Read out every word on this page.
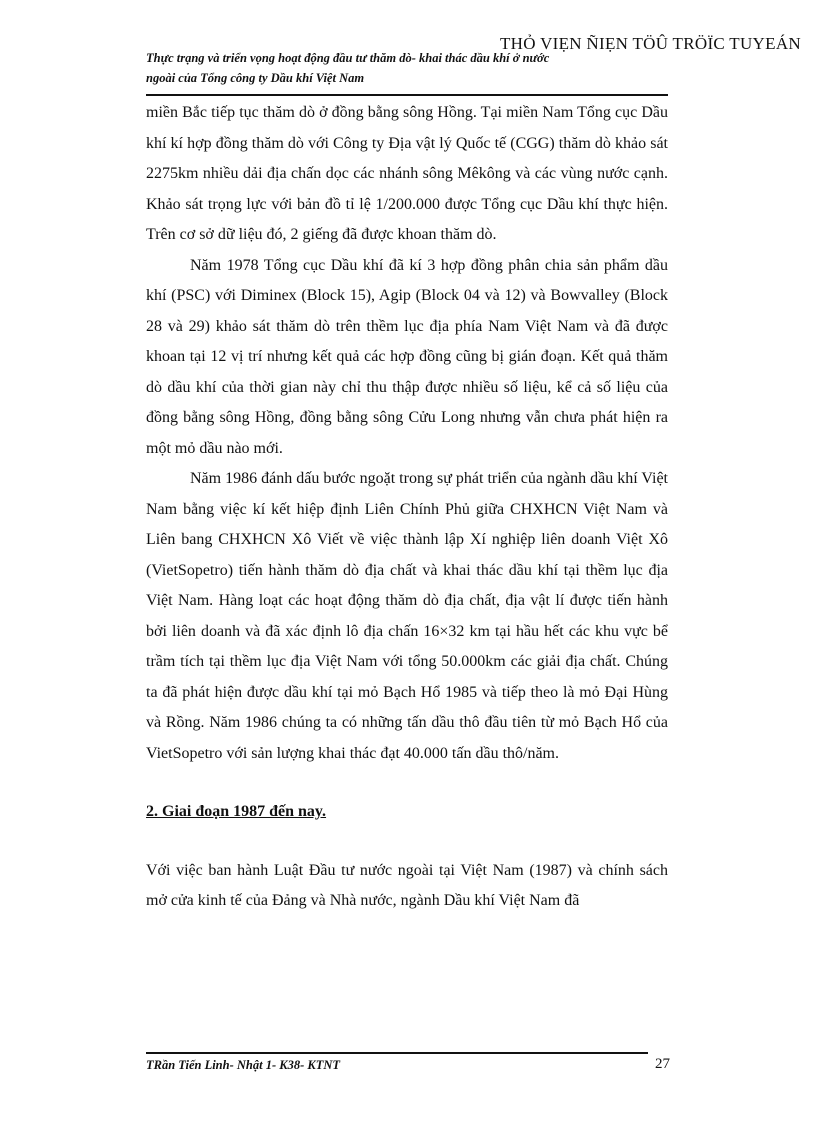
THỎ VIẸN ÑIẸN TÖÛ TRÖÏC TUYEÁN
Thực trạng và triển vọng hoạt động đầu tư thăm dò- khai thác dầu khí ở nước
ngoài của Tổng công ty Dầu khí Việt Nam

miền Bắc tiếp tục thăm dò ở đồng bằng sông Hồng. Tại miền Nam Tổng cục Dầu khí kí hợp đồng thăm dò với Công ty Địa vật lý Quốc tế (CGG) thăm dò khảo sát 2275km nhiều dải địa chấn dọc các nhánh sông Mêkông và các vùng nước cạnh. Khảo sát trọng lực với bản đồ tỉ lệ 1/200.000 được Tổng cục Dầu khí thực hiện. Trên cơ sở dữ liệu đó, 2 giếng đã được khoan thăm dò.

Năm 1978 Tổng cục Dầu khí đã kí 3 hợp đồng phân chia sản phẩm dầu khí (PSC) với Diminex (Block 15), Agip (Block 04 và 12) và Bowvalley (Block 28 và 29) khảo sát thăm dò trên thềm lục địa phía Nam Việt Nam và đã được khoan tại 12 vị trí nhưng kết quả các hợp đồng cũng bị gián đoạn. Kết quả thăm dò dầu khí của thời gian này chỉ thu thập được nhiều số liệu, kể cả số liệu của đồng bằng sông Hồng, đồng bằng sông Cửu Long nhưng vẫn chưa phát hiện ra một mỏ dầu nào mới.

Năm 1986 đánh dấu bước ngoặt trong sự phát triển của ngành dầu khí Việt Nam bằng việc kí kết hiệp định Liên Chính Phủ giữa CHXHCN Việt Nam và Liên bang CHXHCN Xô Viết về việc thành lập Xí nghiệp liên doanh Việt Xô (VietSopetro) tiến hành thăm dò địa chất và khai thác dầu khí tại thềm lục địa Việt Nam. Hàng loạt các hoạt động thăm dò địa chất, địa vật lí được tiến hành bởi liên doanh và đã xác định lô địa chấn 16×32 km tại hầu hết các khu vực bể trầm tích tại thềm lục địa Việt Nam với tổng 50.000km các giải địa chất. Chúng ta đã phát hiện được dầu khí tại mỏ Bạch Hổ 1985 và tiếp theo là mỏ Đại Hùng và Rồng. Năm 1986 chúng ta có những tấn dầu thô đầu tiên từ mỏ Bạch Hổ của VietSopetro với sản lượng khai thác đạt 40.000 tấn dầu thô/năm.

2. Giai đoạn 1987 đến nay.

Với việc ban hành Luật Đầu tư nước ngoài tại Việt Nam (1987) và chính sách mở cửa kinh tế của Đảng và Nhà nước, ngành Dầu khí Việt Nam đã

TRần Tiến Linh- Nhật 1- K38- KTNT	27
